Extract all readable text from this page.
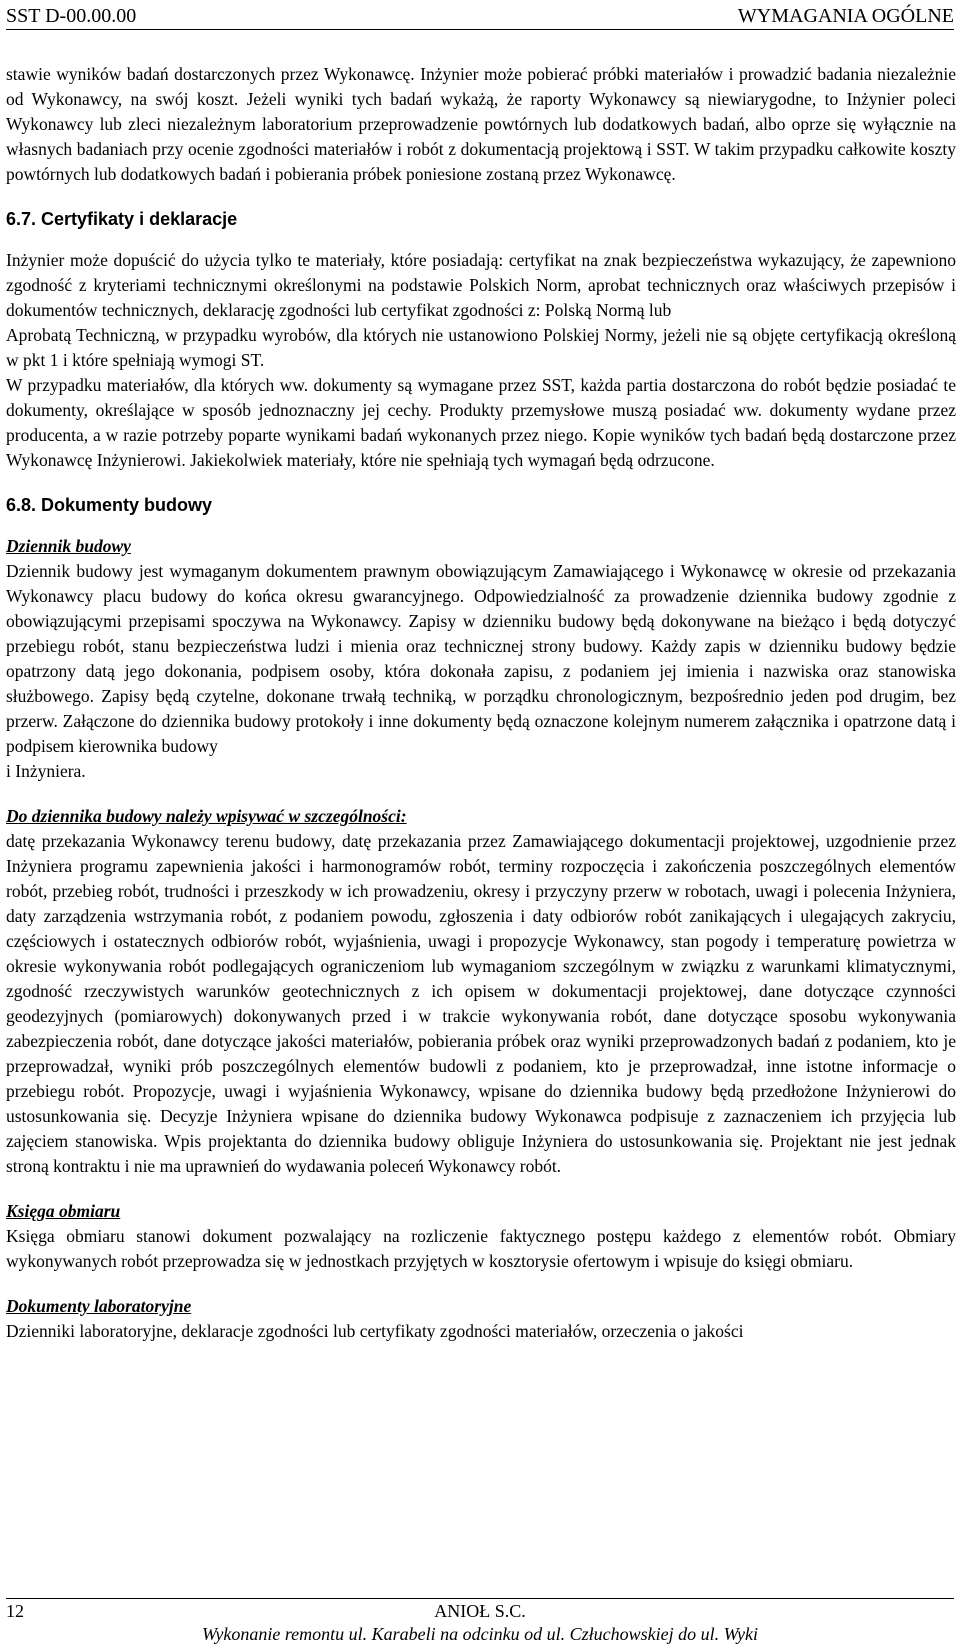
SST D-00.00.00	WYMAGANIA OGÓLNE

stawie wyników badań dostarczonych przez Wykonawcę. Inżynier może pobierać próbki materiałów i prowadzić badania niezależnie od Wykonawcy, na swój koszt. Jeżeli wyniki tych badań wykażą, że raporty Wykonawcy są niewiarygodne, to Inżynier poleci Wykonawcy lub zleci niezależnym laboratorium przeprowadzenie powtórnych lub dodatkowych badań, albo oprze się wyłącznie na własnych badaniach przy ocenie zgodności materiałów i robót z dokumentacją projektową i SST. W takim przypadku całkowite koszty powtórnych lub dodatkowych badań i pobierania próbek poniesione zostaną przez Wykonawcę.

6.7. Certyfikaty i deklaracje

Inżynier może dopuścić do użycia tylko te materiały, które posiadają: certyfikat na znak bezpieczeństwa wykazujący, że zapewniono zgodność z kryteriami technicznymi określonymi na podstawie Polskich Norm, aprobat technicznych oraz właściwych przepisów i dokumentów technicznych, deklarację zgodności lub certyfikat zgodności z: Polską Normą lub

Aprobatą Techniczną, w przypadku wyrobów, dla których nie ustanowiono Polskiej Normy, jeżeli nie są objęte certyfikacją określoną w pkt 1 i które spełniają wymogi ST.

W przypadku materiałów, dla których ww. dokumenty są wymagane przez SST, każda partia dostarczona do robót będzie posiadać te dokumenty, określające w sposób jednoznaczny jej cechy. Produkty przemysłowe muszą posiadać ww. dokumenty wydane przez producenta, a w razie potrzeby poparte wynikami badań wykonanych przez niego. Kopie wyników tych badań będą dostarczone przez Wykonawcę Inżynierowi. Jakiekolwiek materiały, które nie spełniają tych wymagań będą odrzucone.

6.8. Dokumenty budowy

Dziennik budowy

Dziennik budowy jest wymaganym dokumentem prawnym obowiązującym Zamawiającego i Wykonawcę w okresie od przekazania Wykonawcy placu budowy do końca okresu gwarancyjnego. Odpowiedzialność za prowadzenie dziennika budowy zgodnie z obowiązującymi przepisami spoczywa na Wykonawcy. Zapisy w dzienniku budowy będą dokonywane na bieżąco i będą dotyczyć przebiegu robót, stanu bezpieczeństwa ludzi i mienia oraz technicznej strony budowy. Każdy zapis w dzienniku budowy będzie opatrzony datą jego dokonania, podpisem osoby, która dokonała zapisu, z podaniem jej imienia i nazwiska oraz stanowiska służbowego. Zapisy będą czytelne, dokonane trwałą techniką, w porządku chronologicznym, bezpośrednio jeden pod drugim, bez przerw. Załączone do dziennika budowy protokoły i inne dokumenty będą oznaczone kolejnym numerem załącznika i opatrzone datą i podpisem kierownika budowy

i Inżyniera.

Do dziennika budowy należy wpisywać w szczególności:

datę przekazania Wykonawcy terenu budowy, datę przekazania przez Zamawiającego dokumentacji projektowej, uzgodnienie przez Inżyniera programu zapewnienia jakości i harmonogramów robót, terminy rozpoczęcia i zakończenia poszczególnych elementów robót, przebieg robót, trudności i przeszkody w ich prowadzeniu, okresy i przyczyny przerw w robotach, uwagi i polecenia Inżyniera, daty zarządzenia wstrzymania robót, z podaniem powodu, zgłoszenia i daty odbiorów robót zanikających i ulegających zakryciu, częściowych i ostatecznych odbiorów robót, wyjaśnienia, uwagi i propozycje Wykonawcy, stan pogody i temperaturę powietrza w okresie wykonywania robót podlegających ograniczeniom lub wymaganiom szczególnym w związku z warunkami klimatycznymi, zgodność rzeczywistych warunków geotechnicznych z ich opisem w dokumentacji projektowej, dane dotyczące czynności geodezyjnych (pomiarowych) dokonywanych przed i w trakcie wykonywania robót, dane dotyczące sposobu wykonywania zabezpieczenia robót, dane dotyczące jakości materiałów, pobierania próbek oraz wyniki przeprowadzonych badań z podaniem, kto je przeprowadzał, wyniki prób poszczególnych elementów budowli z podaniem, kto je przeprowadzał, inne istotne informacje o przebiegu robót. Propozycje, uwagi i wyjaśnienia Wykonawcy, wpisane do dziennika budowy będą przedłożone Inżynierowi do ustosunkowania się. Decyzje Inżyniera wpisane do dziennika budowy Wykonawca podpisuje z zaznaczeniem ich przyjęcia lub zajęciem stanowiska. Wpis projektanta do dziennika budowy obliguje Inżyniera do ustosunkowania się. Projektant nie jest jednak stroną kontraktu i nie ma uprawnień do wydawania poleceń Wykonawcy robót.

Księga obmiaru

Księga obmiaru stanowi dokument pozwalający na rozliczenie faktycznego postępu każdego z elementów robót. Obmiary wykonywanych robót przeprowadza się w jednostkach przyjętych w kosztorysie ofertowym i wpisuje do księgi obmiaru.

Dokumenty laboratoryjne

Dzienniki laboratoryjne, deklaracje zgodności lub certyfikaty zgodności materiałów, orzeczenia o jakości

12	ANIOŁ S.C.
Wykonanie remontu ul. Karabeli na odcinku od ul. Człuchowskiej do ul. Wyki
